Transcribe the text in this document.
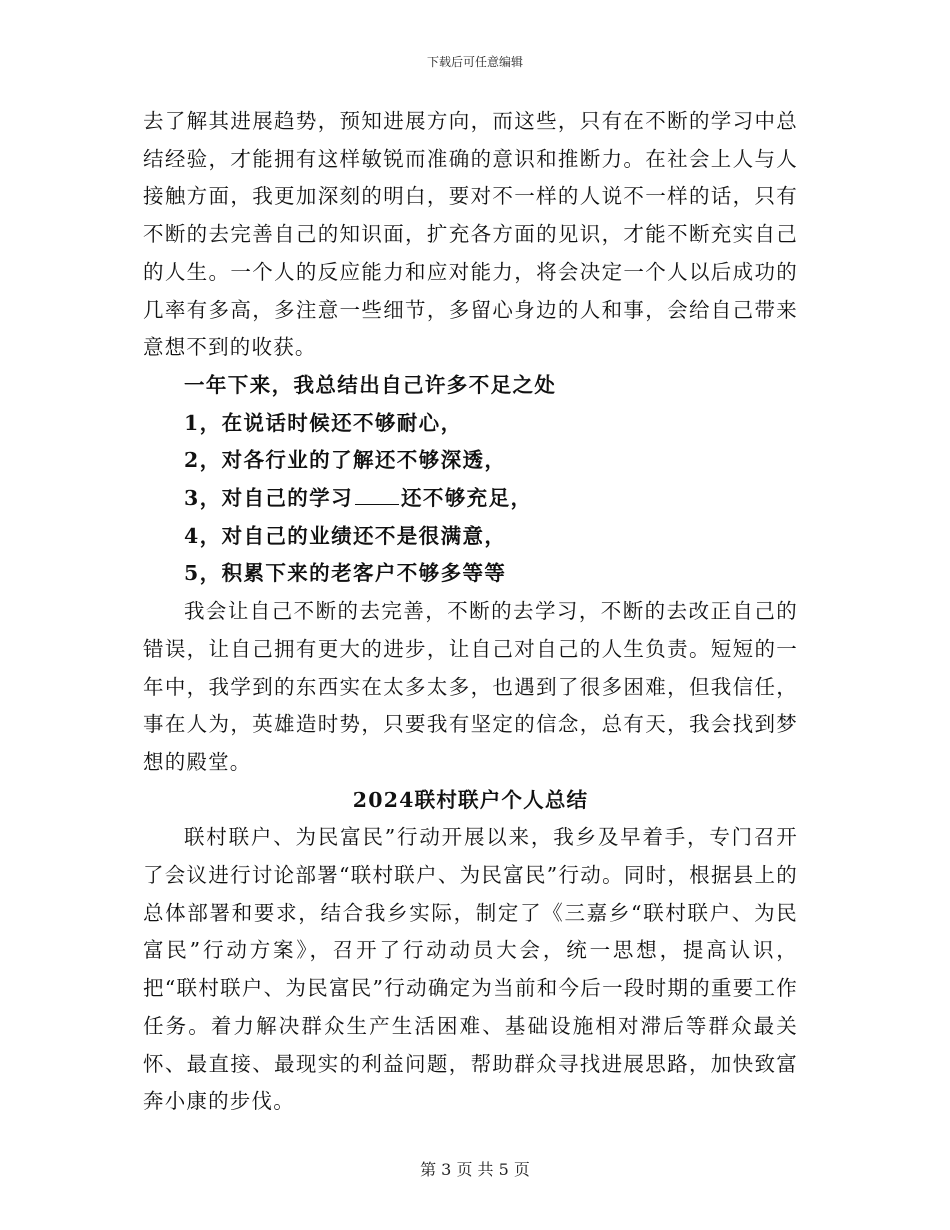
下载后可任意编辑

去了解其进展趋势，预知进展方向，而这些，只有在不断的学习中总结经验，才能拥有这样敏锐而准确的意识和推断力。在社会上人与人接触方面，我更加深刻的明白，要对不一样的人说不一样的话，只有不断的去完善自己的知识面，扩充各方面的见识，才能不断充实自己的人生。一个人的反应能力和应对能力，将会决定一个人以后成功的几率有多高，多注意一些细节，多留心身边的人和事，会给自己带来意想不到的收获。

一年下来，我总结出自己许多不足之处

1，在说话时候还不够耐心，

2，对各行业的了解还不够深透，

3，对自己的学习 还不够充足，

4，对自己的业绩还不是很满意，

5，积累下来的老客户不够多等等

我会让自己不断的去完善，不断的去学习，不断的去改正自己的错误，让自己拥有更大的进步，让自己对自己的人生负责。短短的一年中，我学到的东西实在太多太多，也遇到了很多困难，但我信任，事在人为，英雄造时势，只要我有坚定的信念，总有天，我会找到梦想的殿堂。

2024联村联户个人总结

联村联户、为民富民”行动开展以来，我乡及早着手，专门召开了会议进行讨论部署“联村联户、为民富民”行动。同时，根据县上的总体部署和要求，结合我乡实际，制定了《三嘉乡“联村联户、为民富民”行动方案》，召开了行动动员大会，统一思想，提高认识，把“联村联户、为民富民”行动确定为当前和今后一段时期的重要工作任务。着力解决群众生产生活困难、基础设施相对滞后等群众最关怀、最直接、最现实的利益问题，帮助群众寻找进展思路，加快致富奔小康的步伐。

第 3 页 共 5 页
